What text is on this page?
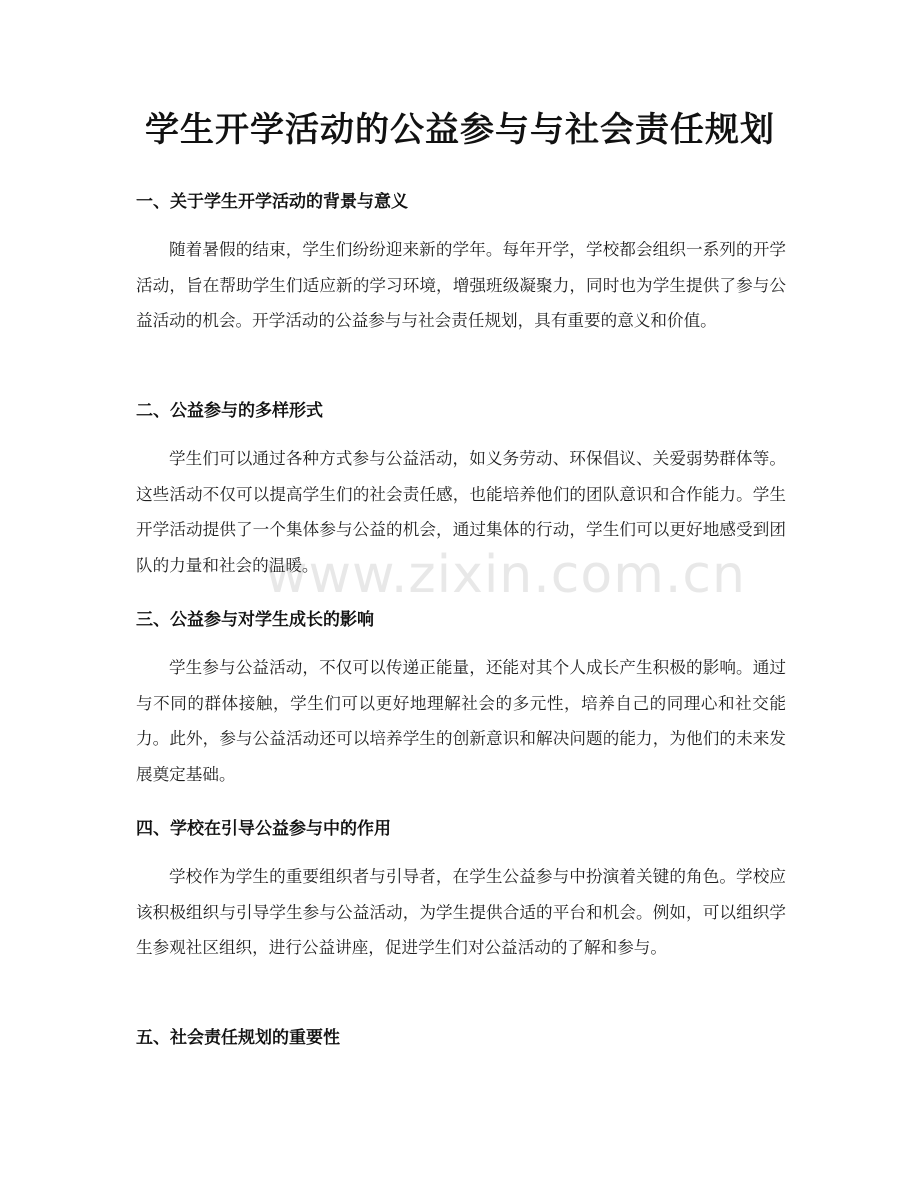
学生开学活动的公益参与与社会责任规划
一、关于学生开学活动的背景与意义

随着暑假的结束，学生们纷纷迎来新的学年。每年开学，学校都会组织一系列的开学活动，旨在帮助学生们适应新的学习环境，增强班级凝聚力，同时也为学生提供了参与公益活动的机会。开学活动的公益参与与社会责任规划，具有重要的意义和价值。

二、公益参与的多样形式

学生们可以通过各种方式参与公益活动，如义务劳动、环保倡议、关爱弱势群体等。这些活动不仅可以提高学生们的社会责任感，也能培养他们的团队意识和合作能力。学生开学活动提供了一个集体参与公益的机会，通过集体的行动，学生们可以更好地感受到团队的力量和社会的温暖。

三、公益参与对学生成长的影响

学生参与公益活动，不仅可以传递正能量，还能对其个人成长产生积极的影响。通过与不同的群体接触，学生们可以更好地理解社会的多元性，培养自己的同理心和社交能力。此外，参与公益活动还可以培养学生的创新意识和解决问题的能力，为他们的未来发展奠定基础。

四、学校在引导公益参与中的作用

学校作为学生的重要组织者与引导者，在学生公益参与中扮演着关键的角色。学校应该积极组织与引导学生参与公益活动，为学生提供合适的平台和机会。例如，可以组织学生参观社区组织，进行公益讲座，促进学生们对公益活动的了解和参与。

五、社会责任规划的重要性
www.zixin.com.cn
